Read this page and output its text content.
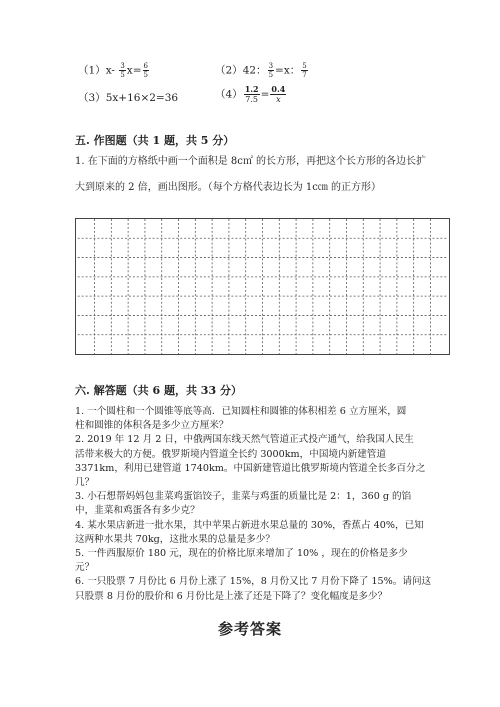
$(1)x- \frac{3}{5} x= \frac{6}{5}$	（2）42： $\frac{3}{5} =x$： $\frac{5}{7}$
（3）5x+16×2=36	$(4) \frac{1.2}{7.5} = \frac{0.4}{x}$
五. 作图题（共 1 题，共 5 分）
1. 在下面的方格纸中画一个面积是 8c㎡ 的长方形，再把这个长方形的各边长扩
大到原来的 2 倍，画出图形。（每个方格代表边长为 1c㎝ 的正方形）
六. 解答题（共 6 题，共 33 分）
1. 一个圆柱和一个圆锥等底等高．已知圆柱和圆锥的体积相差 6 立方厘米，圆
柱和圆锥的体积各是多少立方厘米？
2. 2019 年 12 月 2 日，中俄两国东线天然气管道正式投产通气，给我国人民生
活带来极大的方便。俄罗斯境内管道全长约 3000km，中国境内新建管道
3371km，利用已建管道 1740km。中国新建管道比俄罗斯境内管道全长多百分之
几？
3. 小石想帮妈妈包韭菜鸡蛋馅饺子，韭菜与鸡蛋的质量比是 2：1，360 g 的馅
中，韭菜和鸡蛋各有多少克？
4. 某水果店新进一批水果，其中苹果占新进水果总量的 30%，香蕉占 40%，已知
这两种水果共 70kg，这批水果的总量是多少？
5. 一件西服原价 180 元，现在的价格比原来增加了 10% ，现在的价格是多少
元？
6. 一只股票 7 月份比 6 月份上涨了 15%，8 月份又比 7 月份下降了 15%。请问这
只股票 8 月份的股价和 6 月份比是上涨了还是下降了？变化幅度是多少？
参考答案
